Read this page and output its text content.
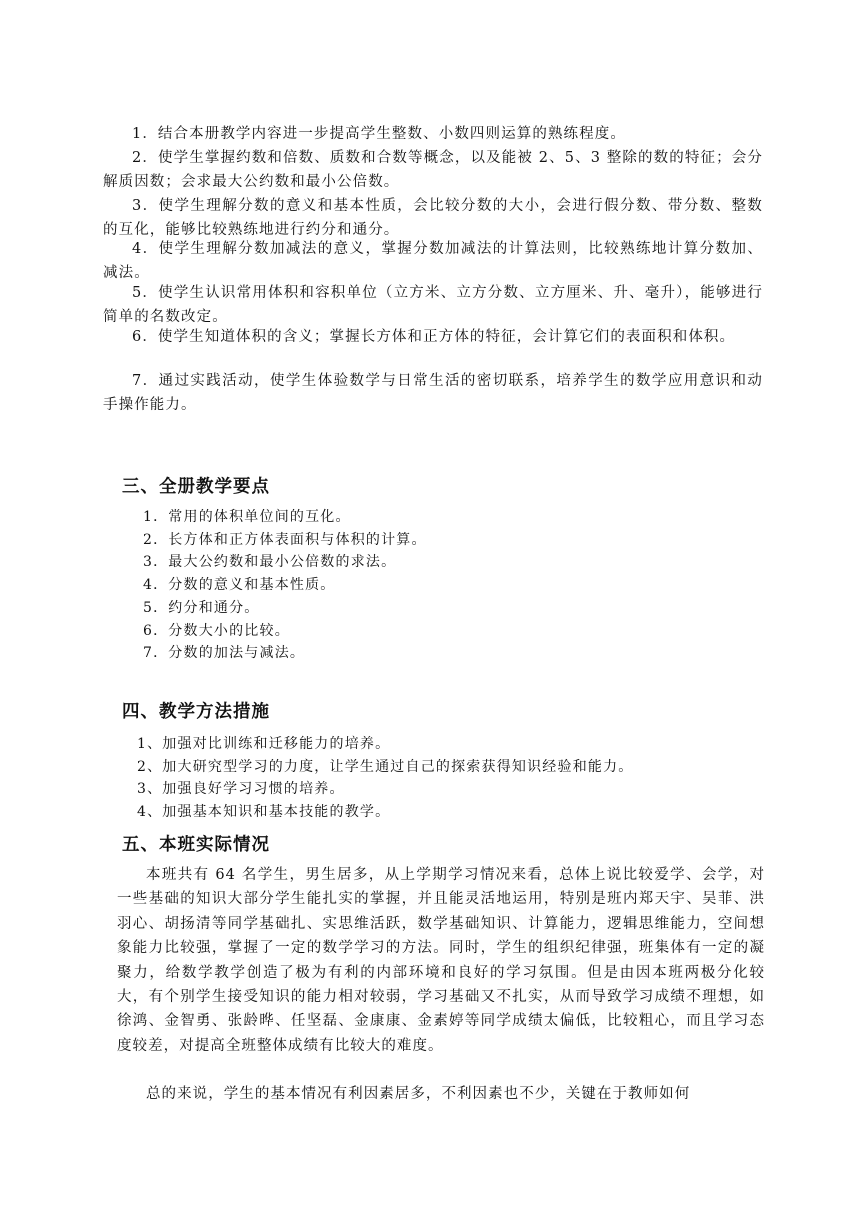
1．结合本册教学内容进一步提高学生整数、小数四则运算的熟练程度。

2．使学生掌握约数和倍数、质数和合数等概念，以及能被 2、5、3 整除的数的特征；会分解质因数；会求最大公约数和最小公倍数。

3．使学生理解分数的意义和基本性质，会比较分数的大小，会进行假分数、带分数、整数的互化，能够比较熟练地进行约分和通分。

4．使学生理解分数加减法的意义，掌握分数加减法的计算法则，比较熟练地计算分数加、减法。

5．使学生认识常用体积和容积单位（立方米、立方分数、立方厘米、升、毫升），能够进行简单的名数改定。

6．使学生知道体积的含义；掌握长方体和正方体的特征，会计算它们的表面积和体积。

7．通过实践活动，使学生体验数学与日常生活的密切联系，培养学生的数学应用意识和动手操作能力。

三、全册教学要点
1．常用的体积单位间的互化。
2．长方体和正方体表面积与体积的计算。
3．最大公约数和最小公倍数的求法。
4．分数的意义和基本性质。
5．约分和通分。
6．分数大小的比较。
7．分数的加法与减法。
四、教学方法措施
1、加强对比训练和迁移能力的培养。
2、加大研究型学习的力度，让学生通过自己的探索获得知识经验和能力。
3、加强良好学习习惯的培养。
4、加强基本知识和基本技能的教学。
五、本班实际情况

本班共有 64 名学生，男生居多，从上学期学习情况来看，总体上说比较爱学、会学，对一些基础的知识大部分学生能扎实的掌握，并且能灵活地运用，特别是班内郑天宇、吴菲、洪羽心、胡扬清等同学基础扎、实思维活跃，数学基础知识、计算能力，逻辑思维能力，空间想象能力比较强，掌握了一定的数学学习的方法。同时，学生的组织纪律强，班集体有一定的凝聚力，给数学教学创造了极为有利的内部环境和良好的学习氛围。但是由因本班两极分化较大，有个别学生接受知识的能力相对较弱，学习基础又不扎实，从而导致学习成绩不理想，如徐鸿、金智勇、张龄晔、任坚磊、金康康、金素婷等同学成绩太偏低，比较粗心，而且学习态度较差，对提高全班整体成绩有比较大的难度。

总的来说，学生的基本情况有利因素居多，不利因素也不少，关键在于教师如何
